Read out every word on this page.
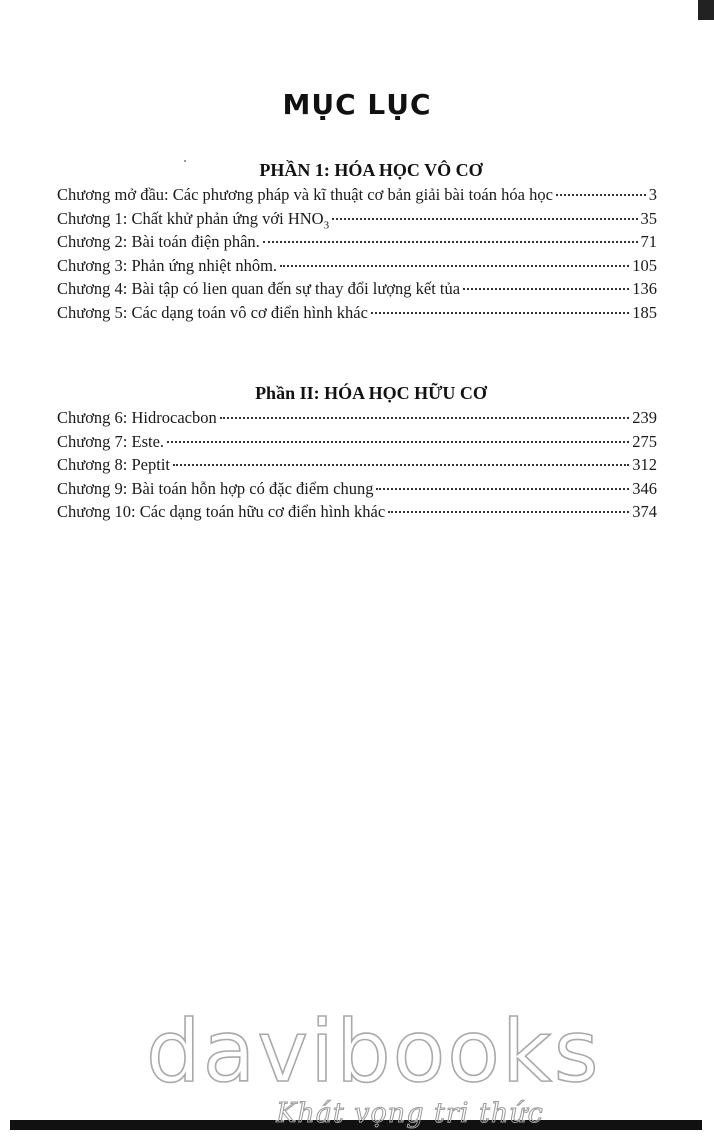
MỤC LỤC
PHẦN 1: HÓA HỌC VÔ CƠ
Chương mở đầu: Các phương pháp và kĩ thuật cơ bản giải bài toán hóa học	3
Chương 1: Chất khử phản ứng với $HNO_3$	35
Chương 2: Bài toán điện phân.	71
Chương 3: Phản ứng nhiệt nhôm.	105
Chương 4: Bài tập có lien quan đến sự thay đổi lượng kết tủa	136
Chương 5: Các dạng toán vô cơ điển hình khác	185
Phần II: HÓA HỌC HỮU CƠ
Chương 6: Hidrocacbon	239
Chương 7: Este.	275
Chương 8: Peptit	312
Chương 9: Bài toán hỗn hợp có đặc điểm chung	346
Chương 10: Các dạng toán hữu cơ điển hình khác	374
davibooks
Khát vọng tri thức
